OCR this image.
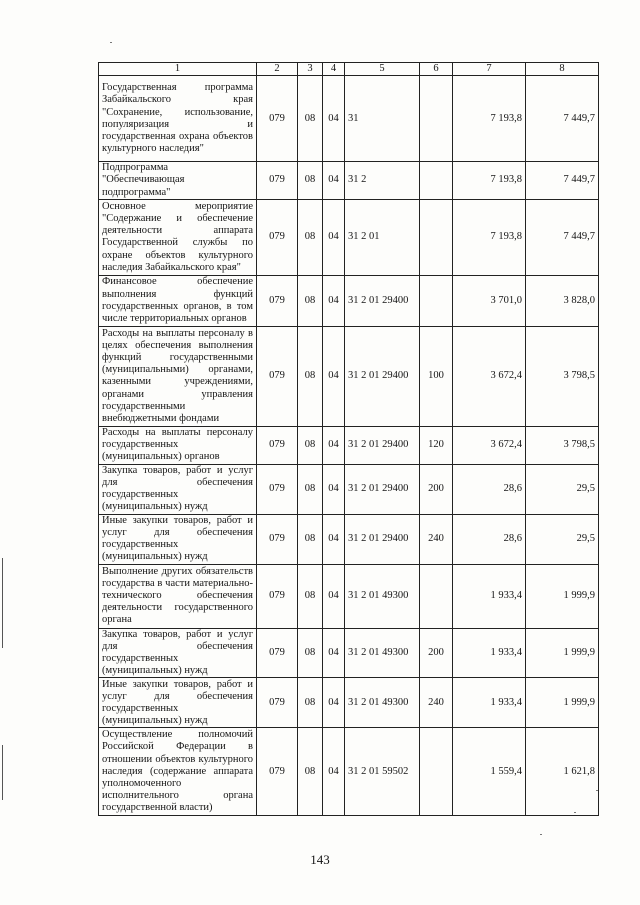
1	2	3	4	5	6	7	8
Государственная программа Забайкальского края "Сохранение, использование, популяризация и государственная охрана объектов культурного наследия"	079	08	04	31		7 193,8	7 449,7
Подпрограмма "Обеспечивающая подпрограмма"	079	08	04	31 2		7 193,8	7 449,7
Основное мероприятие "Содержание и обеспечение деятельности аппарата Государственной службы по охране объектов культурного наследия Забайкальского края"	079	08	04	31 2 01		7 193,8	7 449,7
Финансовое обеспечение выполнения функций государственных органов, в том числе территориальных органов	079	08	04	31 2 01 29400		3 701,0	3 828,0
Расходы на выплаты персоналу в целях обеспечения выполнения функций государственными (муниципальными) органами, казенными учреждениями, органами управления государственными внебюджетными фондами	079	08	04	31 2 01 29400	100	3 672,4	3 798,5
Расходы на выплаты персоналу государственных (муниципальных) органов	079	08	04	31 2 01 29400	120	3 672,4	3 798,5
Закупка товаров, работ и услуг для обеспечения государственных (муниципальных) нужд	079	08	04	31 2 01 29400	200	28,6	29,5
Иные закупки товаров, работ и услуг для обеспечения государственных (муниципальных) нужд	079	08	04	31 2 01 29400	240	28,6	29,5
Выполнение других обязательств государства в части материально-технического обеспечения деятельности государственного органа	079	08	04	31 2 01 49300		1 933,4	1 999,9
Закупка товаров, работ и услуг для обеспечения государственных (муниципальных) нужд	079	08	04	31 2 01 49300	200	1 933,4	1 999,9
Иные закупки товаров, работ и услуг для обеспечения государственных (муниципальных) нужд	079	08	04	31 2 01 49300	240	1 933,4	1 999,9
Осуществление полномочий Российской Федерации в отношении объектов культурного наследия (содержание аппарата уполномоченного исполнительного органа государственной власти)	079	08	04	31 2 01 59502		1 559,4	1 621,8
143
